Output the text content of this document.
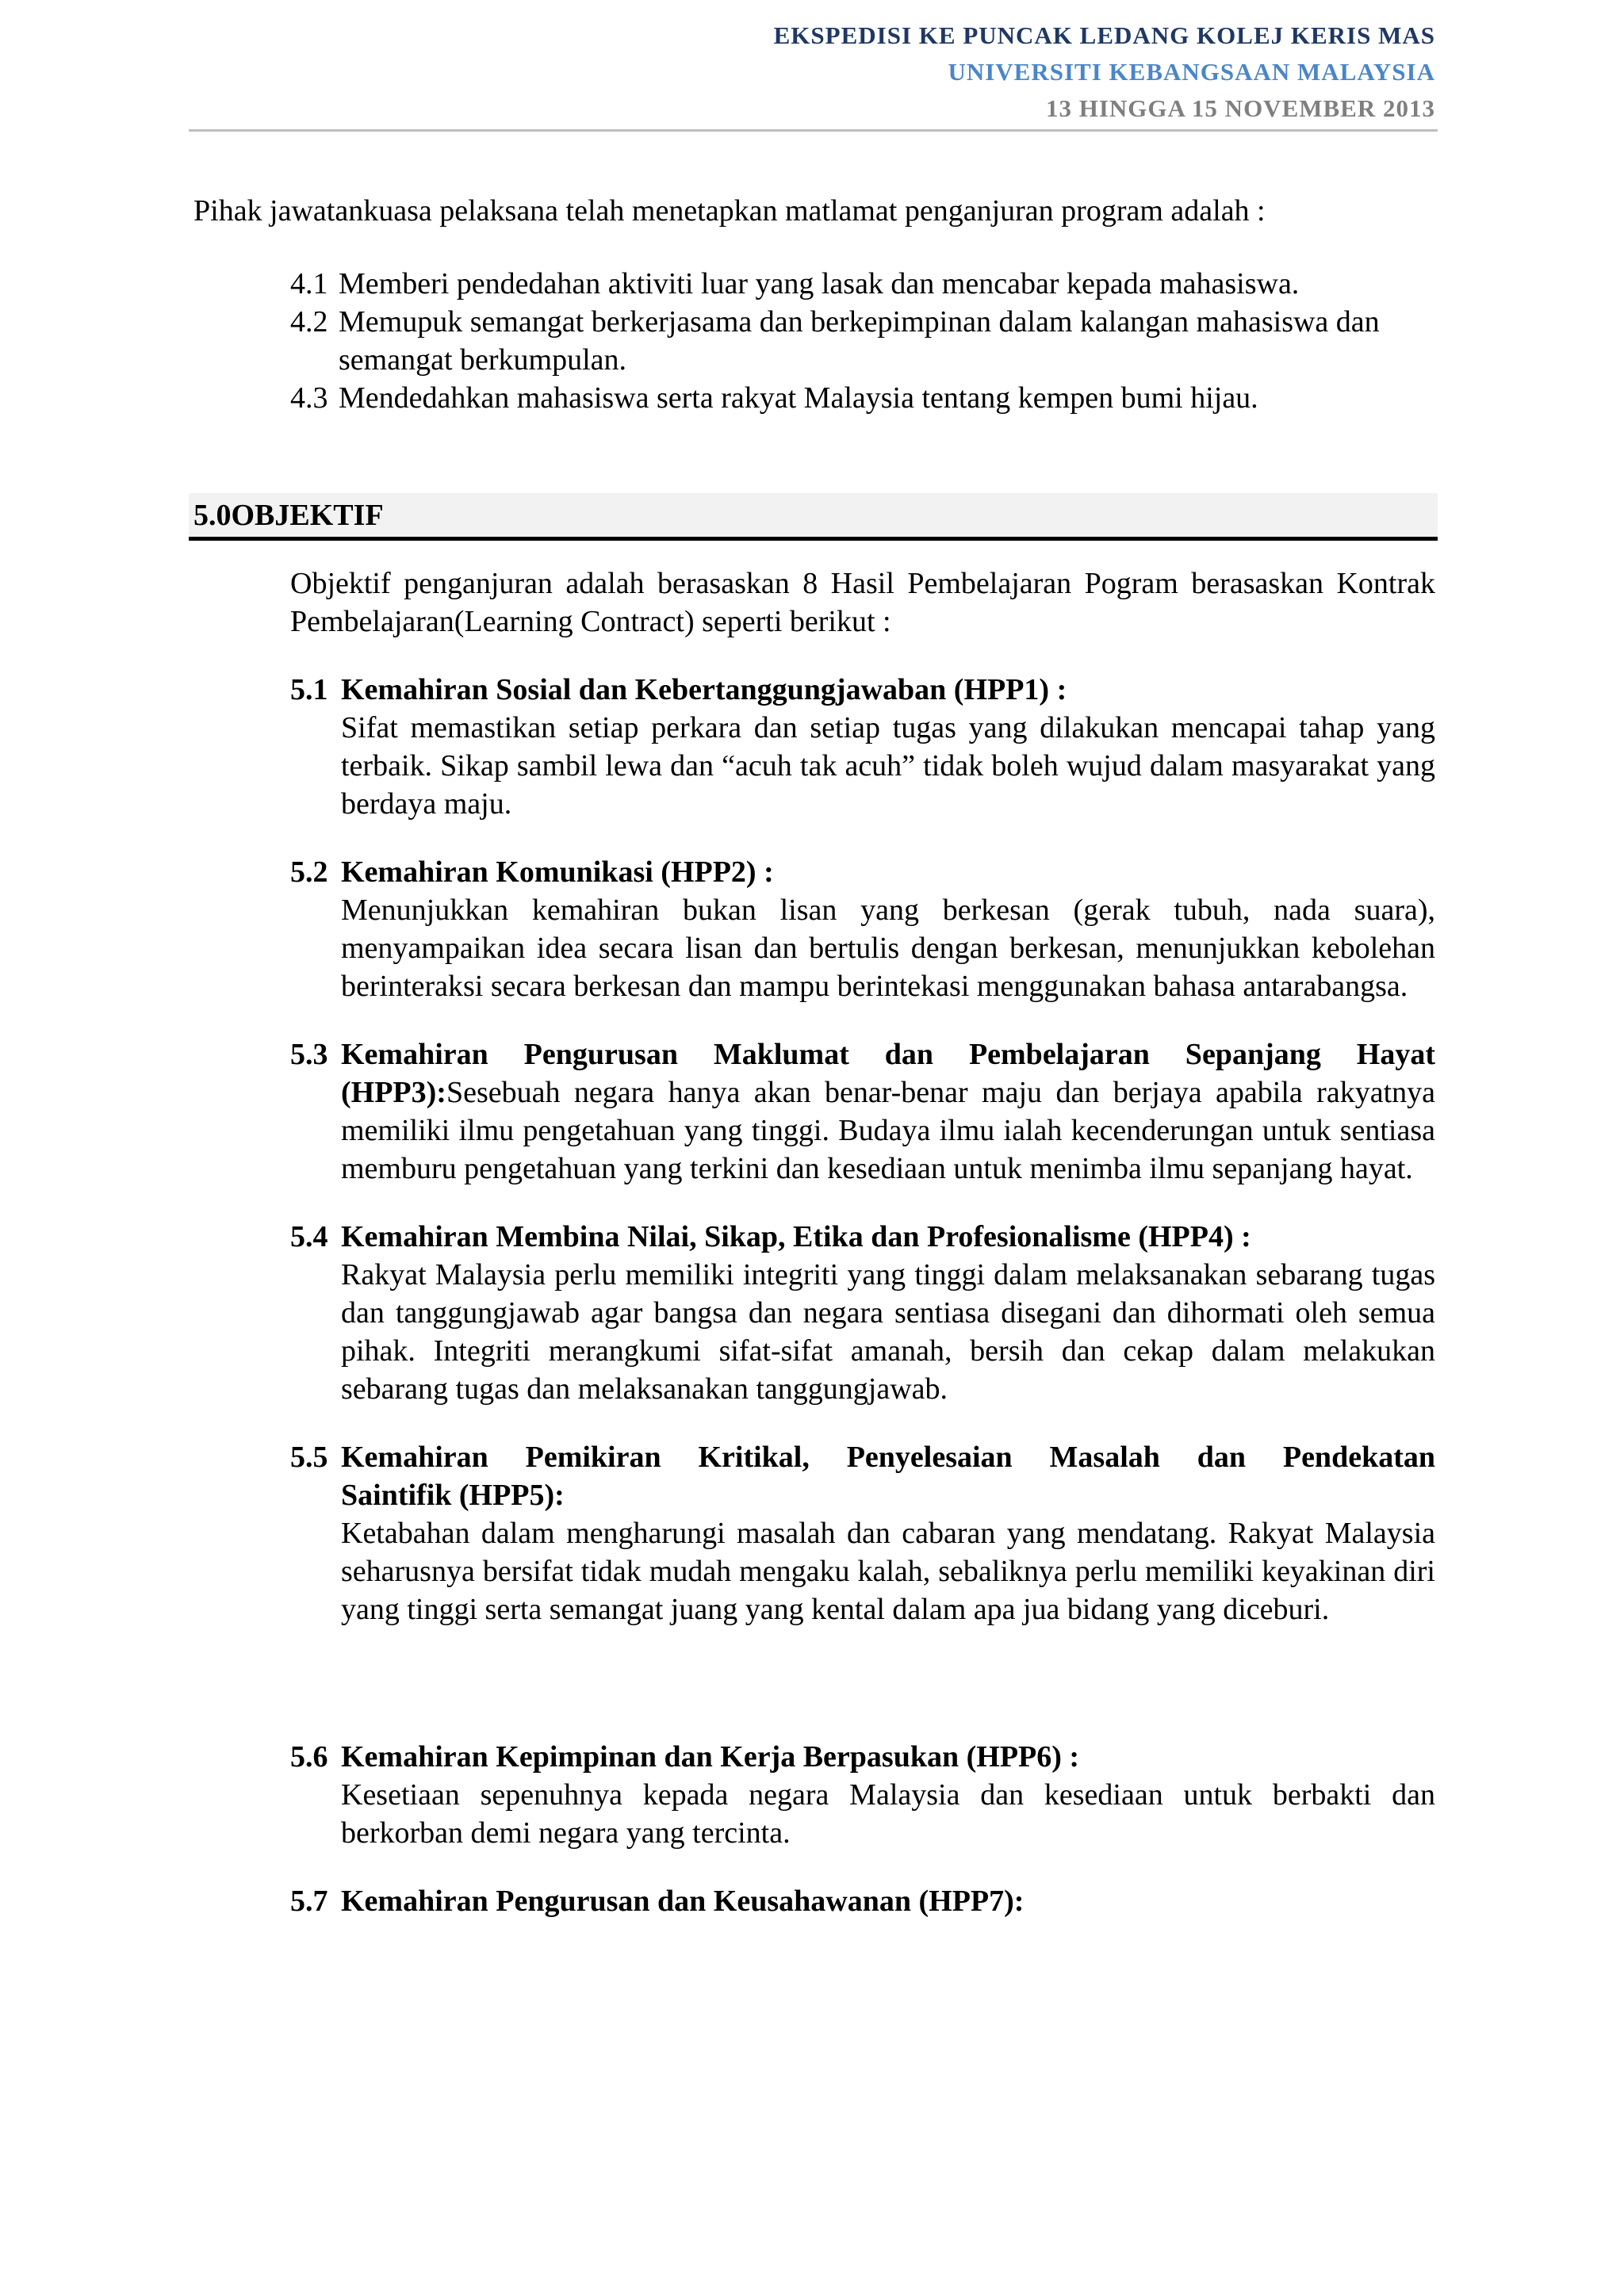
EKSPEDISI KE PUNCAK LEDANG KOLEJ KERIS MAS
UNIVERSITI KEBANGSAAN MALAYSIA
13 HINGGA 15 NOVEMBER 2013
Pihak jawatankuasa pelaksana telah menetapkan matlamat penganjuran program adalah :
4.1 Memberi pendedahan aktiviti luar yang lasak dan mencabar kepada mahasiswa.
4.2 Memupuk semangat berkerjasama dan berkepimpinan dalam kalangan mahasiswa dan semangat berkumpulan.
4.3 Mendedahkan mahasiswa serta rakyat Malaysia tentang kempen bumi hijau.
5.0OBJEKTIF

Objektif penganjuran adalah berasaskan 8 Hasil Pembelajaran Pogram berasaskan Kontrak Pembelajaran(Learning Contract) seperti berikut :

5.1 Kemahiran Sosial dan Kebertanggungjawaban (HPP1) :
Sifat memastikan setiap perkara dan setiap tugas yang dilakukan mencapai tahap yang terbaik. Sikap sambil lewa dan “acuh tak acuh” tidak boleh wujud dalam masyarakat yang berdaya maju.
5.2 Kemahiran Komunikasi (HPP2) :
Menunjukkan kemahiran bukan lisan yang berkesan (gerak tubuh, nada suara), menyampaikan idea secara lisan dan bertulis dengan berkesan, menunjukkan kebolehan berinteraksi secara berkesan dan mampu berintekasi menggunakan bahasa antarabangsa.
5.3 Kemahiran Pengurusan Maklumat dan Pembelajaran Sepanjang Hayat
(HPP3):Sesebuah negara hanya akan benar-benar maju dan berjaya apabila rakyatnya memiliki ilmu pengetahuan yang tinggi. Budaya ilmu ialah kecenderungan untuk sentiasa memburu pengetahuan yang terkini dan kesediaan untuk menimba ilmu sepanjang hayat.
5.4 Kemahiran Membina Nilai, Sikap, Etika dan Profesionalisme (HPP4) :
Rakyat Malaysia perlu memiliki integriti yang tinggi dalam melaksanakan sebarang tugas dan tanggungjawab agar bangsa dan negara sentiasa disegani dan dihormati oleh semua pihak. Integriti merangkumi sifat-sifat amanah, bersih dan cekap dalam melakukan sebarang tugas dan melaksanakan tanggungjawab.
5.5 Kemahiran Pemikiran Kritikal, Penyelesaian Masalah dan Pendekatan
Saintifik (HPP5):
Ketabahan dalam mengharungi masalah dan cabaran yang mendatang. Rakyat Malaysia seharusnya bersifat tidak mudah mengaku kalah, sebaliknya perlu memiliki keyakinan diri yang tinggi serta semangat juang yang kental dalam apa jua bidang yang diceburi.
5.6 Kemahiran Kepimpinan dan Kerja Berpasukan (HPP6) :
Kesetiaan sepenuhnya kepada negara Malaysia dan kesediaan untuk berbakti dan berkorban demi negara yang tercinta.
5.7 Kemahiran Pengurusan dan Keusahawanan (HPP7):
